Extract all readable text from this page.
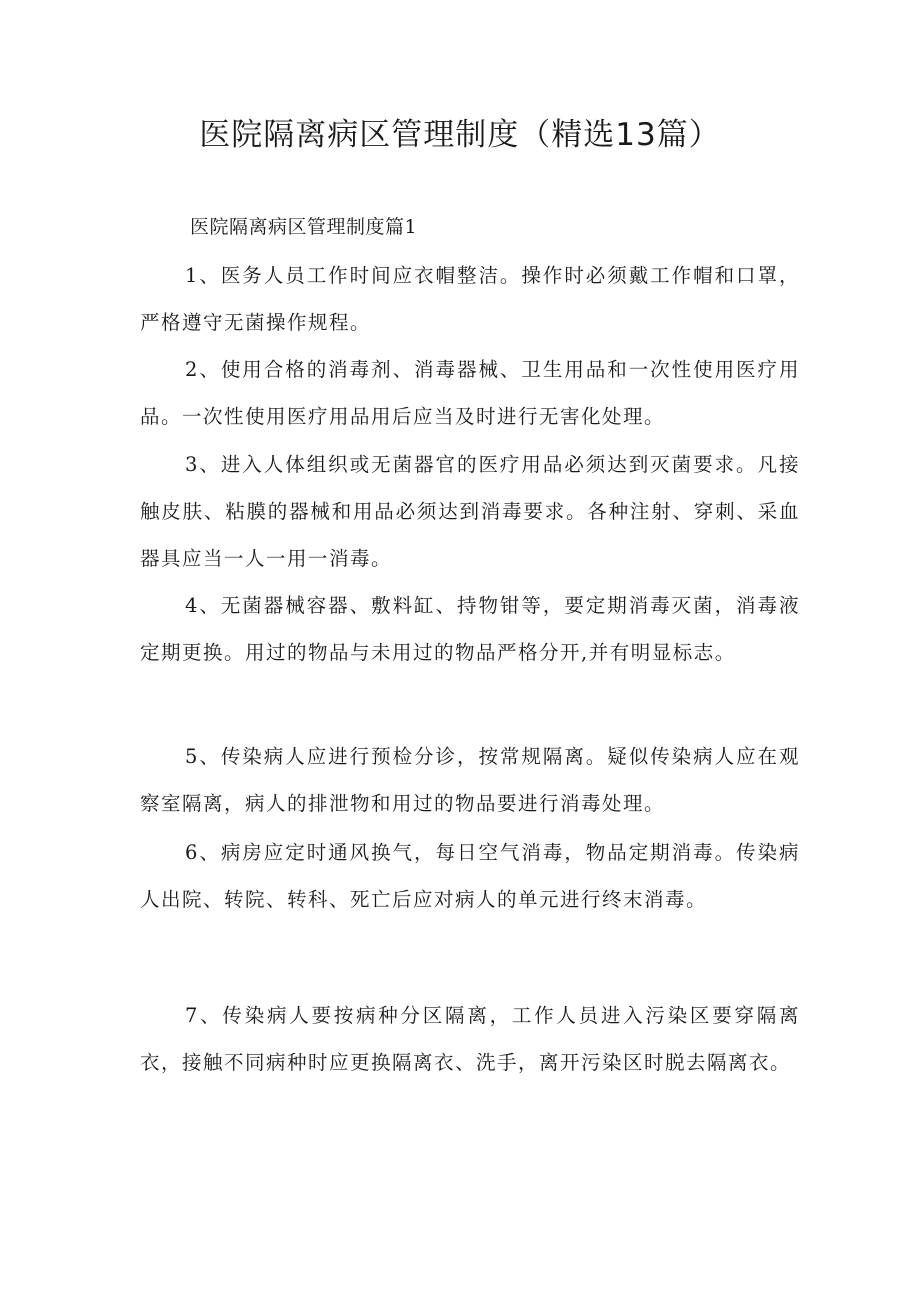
医院隔离病区管理制度（精选13篇）
医院隔离病区管理制度篇1

1、医务人员工作时间应衣帽整洁。操作时必须戴工作帽和口罩，严格遵守无菌操作规程。

2、使用合格的消毒剂、消毒器械、卫生用品和一次性使用医疗用品。一次性使用医疗用品用后应当及时进行无害化处理。

3、进入人体组织或无菌器官的医疗用品必须达到灭菌要求。凡接触皮肤、粘膜的器械和用品必须达到消毒要求。各种注射、穿刺、采血器具应当一人一用一消毒。

4、无菌器械容器、敷料缸、持物钳等，要定期消毒灭菌，消毒液定期更换。用过的物品与未用过的物品严格分开,并有明显标志。

5、传染病人应进行预检分诊，按常规隔离。疑似传染病人应在观察室隔离，病人的排泄物和用过的物品要进行消毒处理。

6、病房应定时通风换气，每日空气消毒，物品定期消毒。传染病人出院、转院、转科、死亡后应对病人的单元进行终末消毒。

7、传染病人要按病种分区隔离，工作人员进入污染区要穿隔离衣，接触不同病种时应更换隔离衣、洗手，离开污染区时脱去隔离衣。
